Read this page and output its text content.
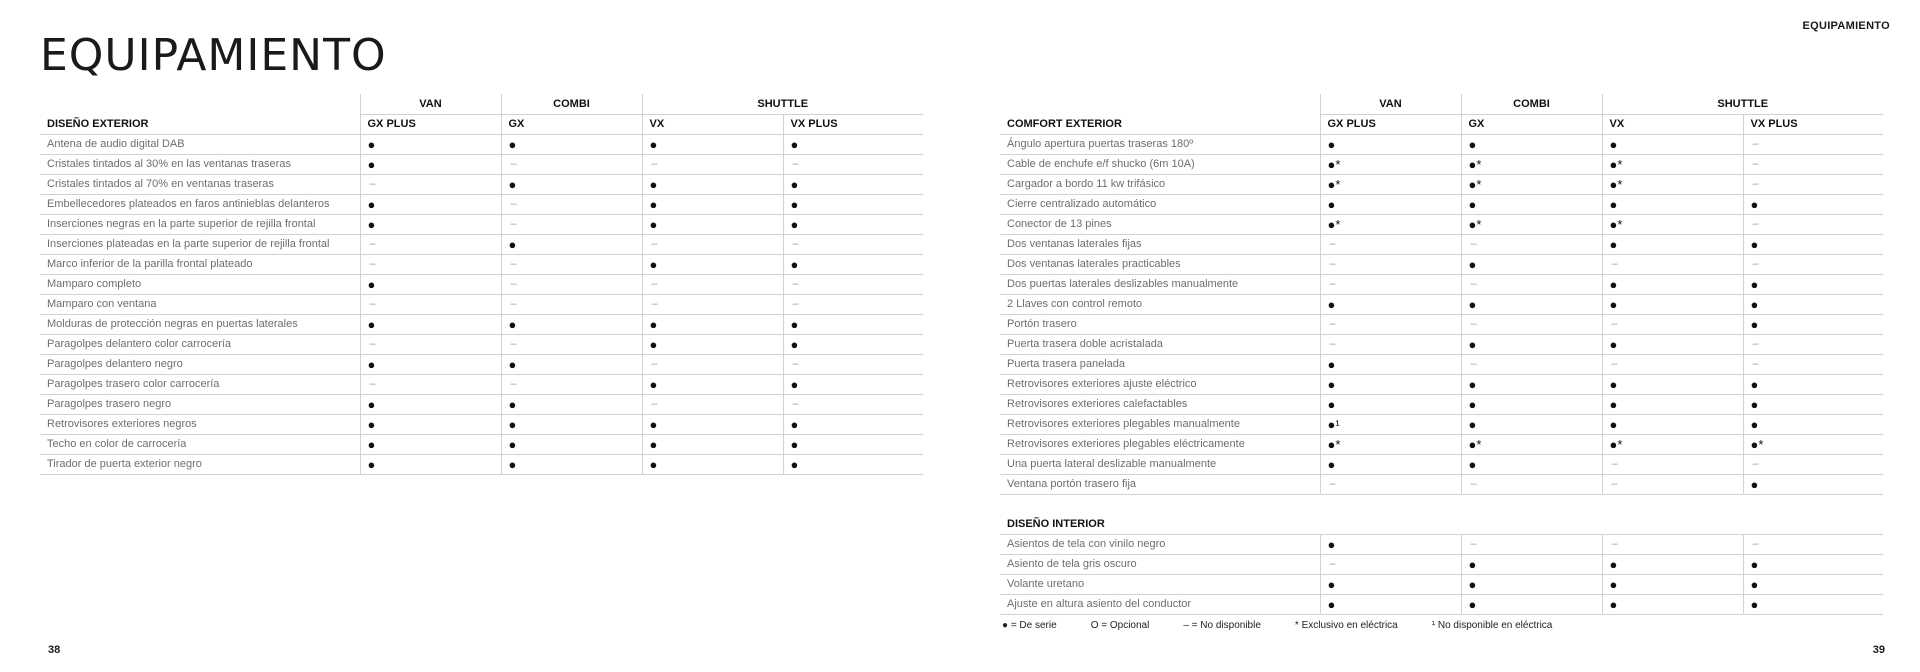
EQUIPAMIENTO
EQUIPAMIENTO
	VAN	COMBI	SHUTTLE	
DISEÑO EXTERIOR	GX PLUS	GX	VX	VX PLUS
Antena de audio digital DAB	●	●	●	●
Cristales tintados al 30% en las ventanas traseras	●	–	–	–
Cristales tintados al 70% en ventanas traseras	–	●	●	●
Embellecedores plateados en faros antinieblas delanteros	●	–	●	●
Inserciones negras en la parte superior de rejilla frontal	●	–	●	●
Inserciones plateadas en la parte superior de rejilla frontal	–	●	–	–
Marco inferior de la parilla frontal plateado	–	–	●	●
Mamparo completo	●	–	–	–
Mamparo con ventana	–	–	–	–
Molduras de protección negras en puertas laterales	●	●	●	●
Paragolpes delantero color carrocería	–	–	●	●
Paragolpes delantero negro	●	●	–	–
Paragolpes trasero color carrocería	–	–	●	●
Paragolpes trasero negro	●	●	–	–
Retrovisores exteriores negros	●	●	●	●
Techo en color de carrocería	●	●	●	●
Tirador de puerta exterior negro	●	●	●	●
	VAN	COMBI	SHUTTLE	
COMFORT EXTERIOR	GX PLUS	GX	VX	VX PLUS
Ángulo apertura puertas traseras 180º	●	●	●	–
Cable de enchufe e/f shucko (6m 10A)	●*	●*	●*	–
Cargador a bordo 11 kw trifásico	●*	●*	●*	–
Cierre centralizado automático	●	●	●	●
Conector de 13 pines	●*	●*	●*	–
Dos ventanas laterales fijas	–	–	●	●
Dos ventanas laterales practicables	–	●	–	–
Dos puertas laterales deslizables manualmente	–	–	●	●
2 Llaves con control remoto	●	●	●	●
Portón trasero	–	–	–	●
Puerta trasera doble acristalada	–	●	●	–
Puerta trasera panelada	●	–	–	–
Retrovisores exteriores ajuste eléctrico	●	●	●	●
Retrovisores exteriores calefactables	●	●	●	●
Retrovisores exteriores plegables manualmente	●¹	●	●	●
Retrovisores exteriores plegables eléctricamente	●*	●*	●*	●*
Una puerta lateral deslizable manualmente	●	●	–	–
Ventana portón trasero fija	–	–	–	●

DISEÑO INTERIOR				
Asientos de tela con vinilo negro	●	–	–	–
Asiento de tela gris oscuro	–	●	●	●
Volante uretano	●	●	●	●
Ajuste en altura asiento del conductor	●	●	●	●
● = De serie	O = Opcional	– = No disponible	* Exclusivo en eléctrica	¹ No disponible en eléctrica
38	39
